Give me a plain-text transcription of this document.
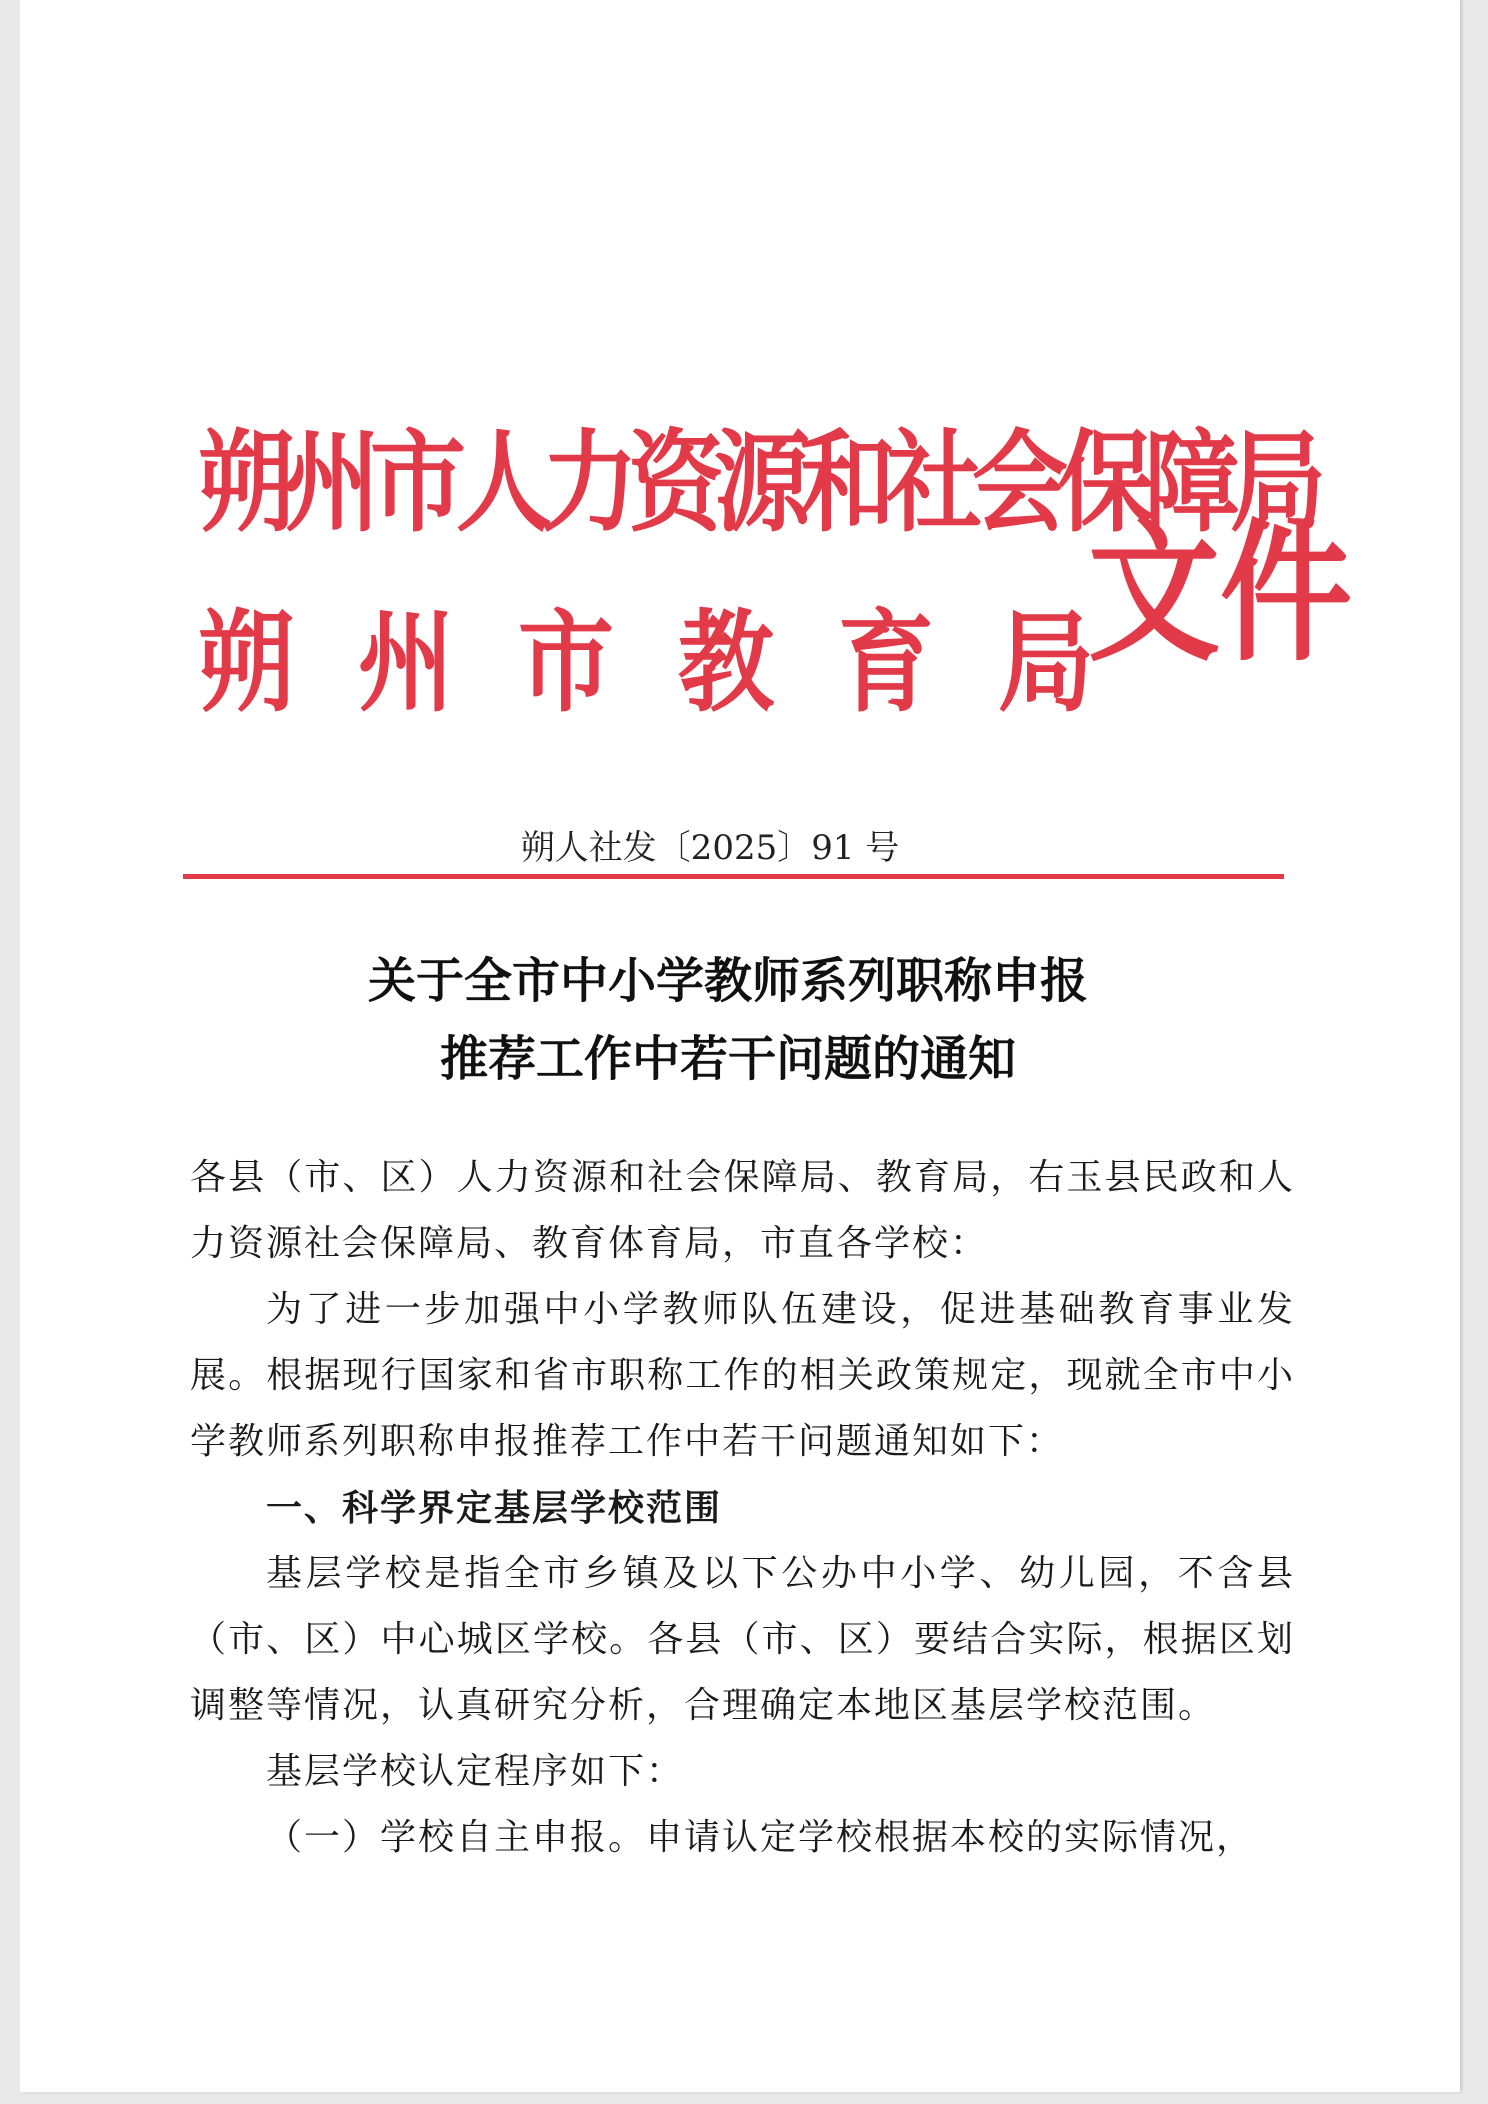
朔州市人力资源和社会保障局
朔州市教育局
文件
朔人社发〔2025〕91 号
关于全市中小学教师系列职称申报
推荐工作中若干问题的通知

各县（市、区）人力资源和社会保障局、教育局，右玉县民政和人力资源社会保障局、教育体育局，市直各学校：

为了进一步加强中小学教师队伍建设，促进基础教育事业发展。根据现行国家和省市职称工作的相关政策规定，现就全市中小学教师系列职称申报推荐工作中若干问题通知如下：

一、科学界定基层学校范围

基层学校是指全市乡镇及以下公办中小学、幼儿园，不含县（市、区）中心城区学校。各县（市、区）要结合实际，根据区划调整等情况，认真研究分析，合理确定本地区基层学校范围。

基层学校认定程序如下：

（一）学校自主申报。申请认定学校根据本校的实际情况，
